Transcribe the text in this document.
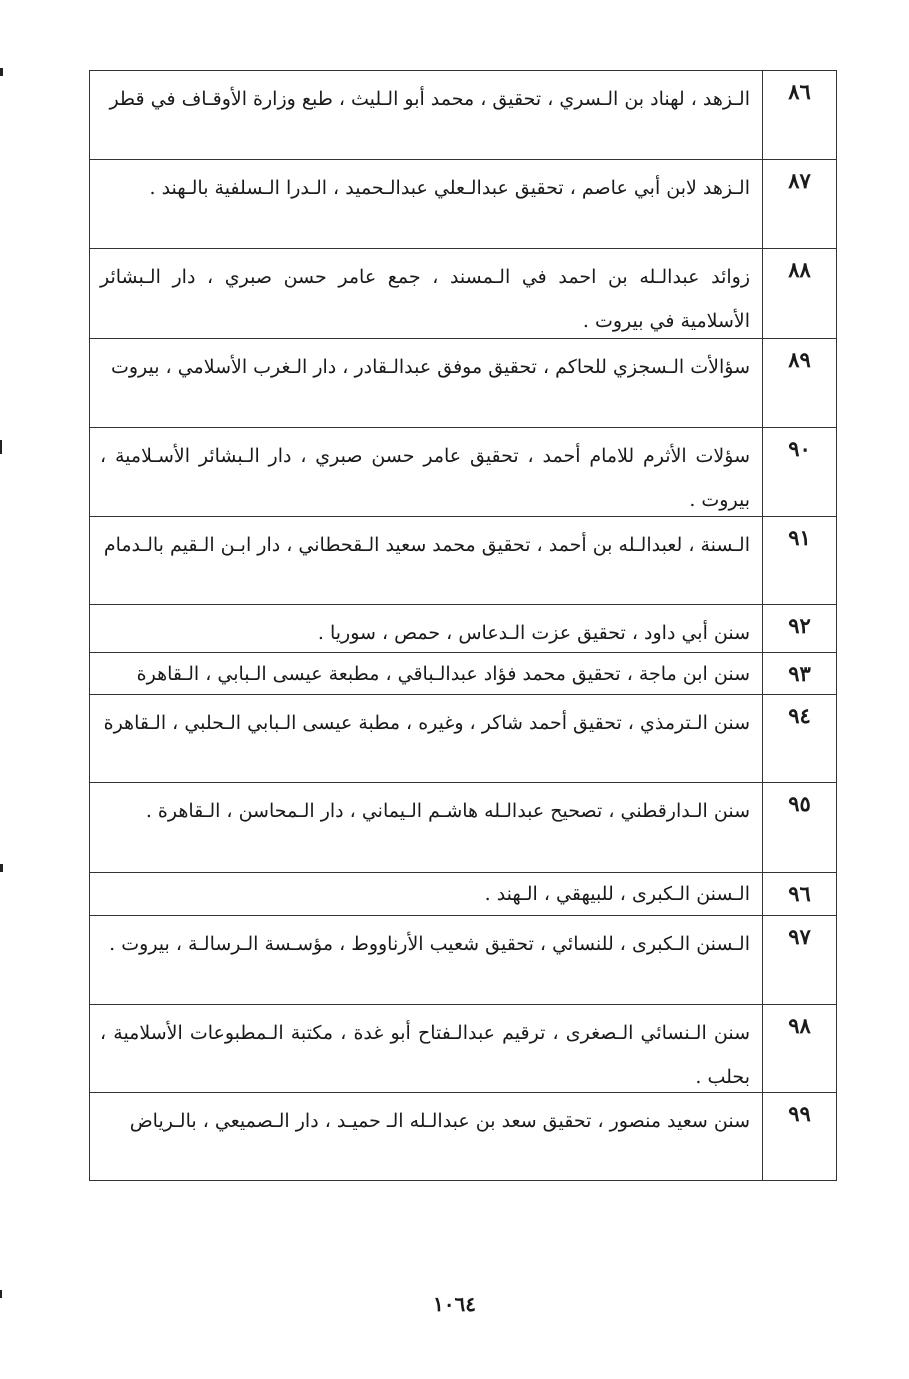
٨٦
الـزهد ، لهناد بن الـسري ، تحقيق ، محمد أبو الـليث ، طبع وزارة الأوقـاف في قطر
٨٧
الـزهد لابن أبي عاصم ، تحقيق عبدالـعلي عبدالـحميد ، الـدرا الـسلفية بالـهند .
٨٨
زوائد عبدالـله بن احمد في الـمسند ، جمع عامر حسن صبري ، دار الـبشائر الأسلامية في بيروت .
٨٩
سؤالأت الـسجزي للحاكم ، تحقيق موفق عبدالـقادر ، دار الـغرب الأسلامي ، بيروت
٩٠
سؤلات الأثرم للامام أحمد ، تحقيق عامر حسن صبري ، دار الـبشائر الأسـلامية ، بيروت .
٩١
الـسنة ، لعبدالـله بن أحمد ، تحقيق محمد سعيد الـقحطاني ، دار ابـن الـقيم بالـدمام
٩٢
سنن أبي داود ، تحقيق عزت الـدعاس ، حمص ، سوريا .
٩٣
سنن ابن ماجة ، تحقيق محمد فؤاد عبدالـباقي ، مطبعة عيسى الـبابي ، الـقاهرة
٩٤
سنن الـترمذي ، تحقيق أحمد شاكر ، وغيره ، مطبة عيسى الـبابي الـحلبي ، الـقاهرة
٩٥
سنن الـدارقطني ، تصحيح عبدالـله هاشـم الـيماني ، دار الـمحاسن ، الـقاهرة .
٩٦
الـسنن الـكبرى ، للبيهقي ، الـهند .
٩٧
الـسنن الـكبرى ، للنسائي ، تحقيق شعيب الأرناووط ، مؤسـسة الـرسالـة ، بيروت .
٩٨
سنن الـنسائي الـصغرى ، ترقيم عبدالـفتاح أبو غدة ، مكتبة الـمطبوعات الأسلامية ، بحلب .
٩٩
سنن سعيد منصور ، تحقيق سعد بن عبدالـله الـ حميـد ، دار الـصميعي ، بالـرياض
١٠٦٤
